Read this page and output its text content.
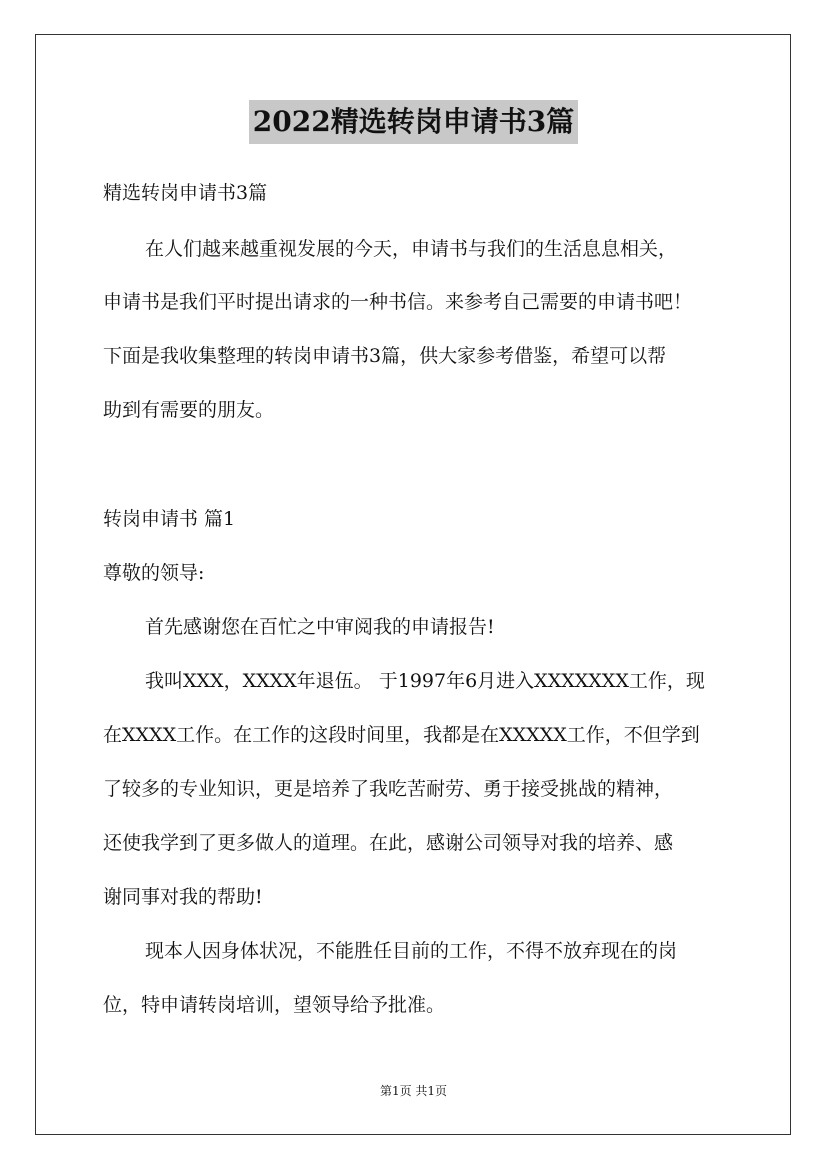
2022精选转岗申请书3篇
精选转岗申请书3篇
在人们越来越重视发展的今天，申请书与我们的生活息息相关，
申请书是我们平时提出请求的一种书信。来参考自己需要的申请书吧！
下面是我收集整理的转岗申请书3篇，供大家参考借鉴，希望可以帮
助到有需要的朋友。
转岗申请书 篇1
尊敬的领导:
首先感谢您在百忙之中审阅我的申请报告!
我叫XXX，XXXX年退伍。 于1997年6月进入XXXXXXX工作，现
在XXXX工作。在工作的这段时间里，我都是在XXXXX工作，不但学到
了较多的专业知识，更是培养了我吃苦耐劳、勇于接受挑战的精神，
还使我学到了更多做人的道理。在此，感谢公司领导对我的培养、感
谢同事对我的帮助!
现本人因身体状况，不能胜任目前的工作，不得不放弃现在的岗
位，特申请转岗培训，望领导给予批准。
第1页 共1页
